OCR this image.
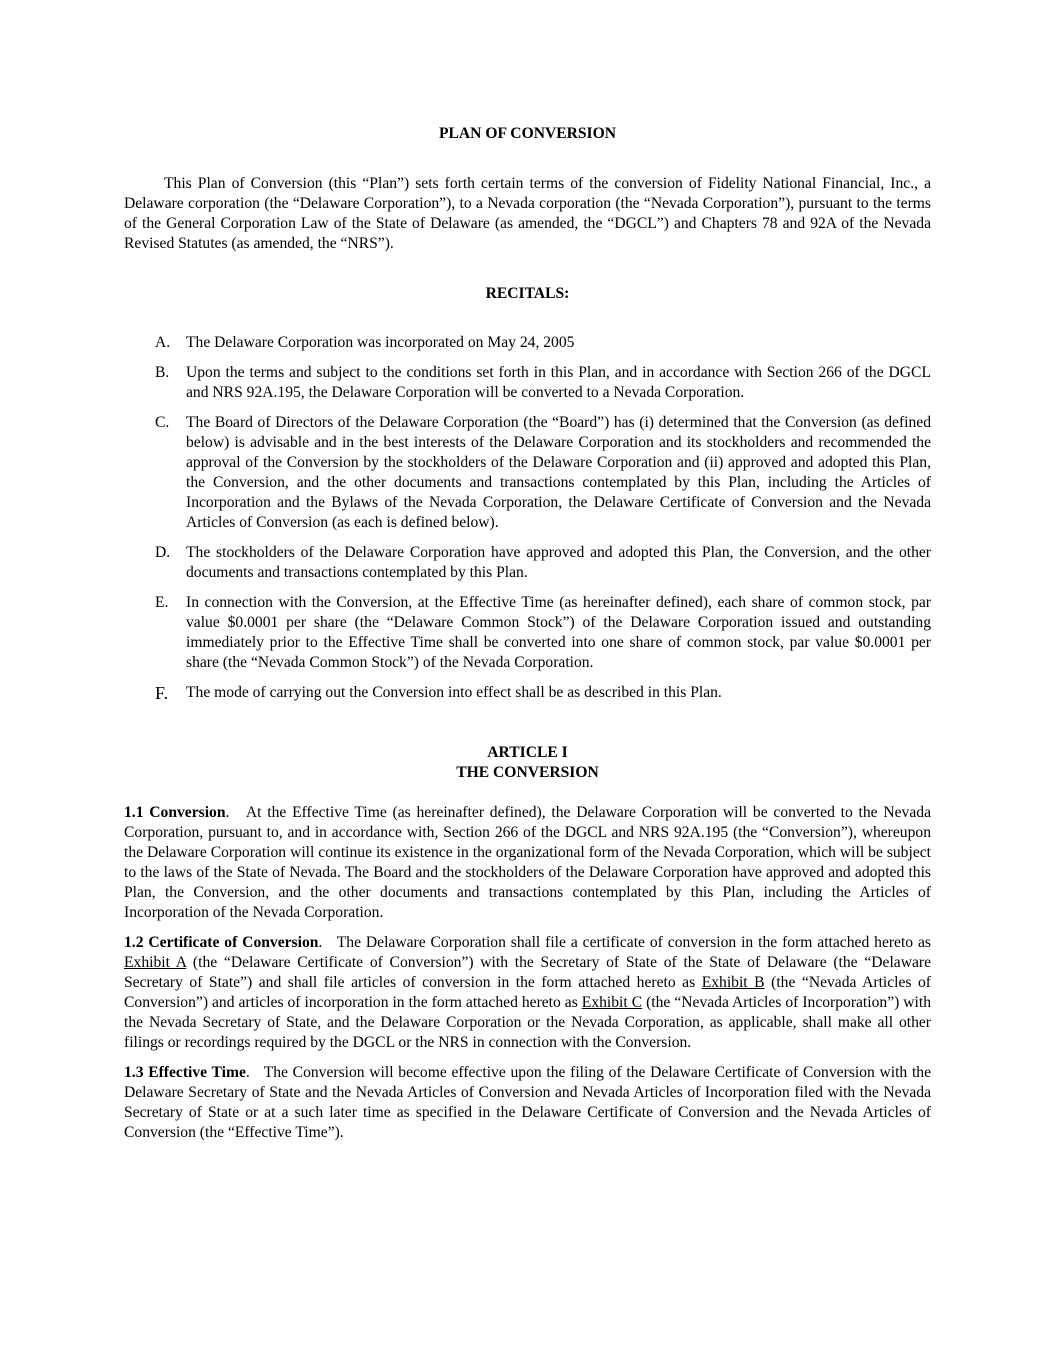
PLAN OF CONVERSION

This Plan of Conversion (this “Plan”) sets forth certain terms of the conversion of Fidelity National Financial, Inc., a Delaware corporation (the “Delaware Corporation”), to a Nevada corporation (the “Nevada Corporation”), pursuant to the terms of the General Corporation Law of the State of Delaware (as amended, the “DGCL”) and Chapters 78 and 92A of the Nevada Revised Statutes (as amended, the “NRS”).

RECITALS:

A.	The Delaware Corporation was incorporated on May 24, 2005
B.	Upon the terms and subject to the conditions set forth in this Plan, and in accordance with Section 266 of the DGCL and NRS 92A.195, the Delaware Corporation will be converted to a Nevada Corporation.
C.	The Board of Directors of the Delaware Corporation (the “Board”) has (i) determined that the Conversion (as defined below) is advisable and in the best interests of the Delaware Corporation and its stockholders and recommended the approval of the Conversion by the stockholders of the Delaware Corporation and (ii) approved and adopted this Plan, the Conversion, and the other documents and transactions contemplated by this Plan, including the Articles of Incorporation and the Bylaws of the Nevada Corporation, the Delaware Certificate of Conversion and the Nevada Articles of Conversion (as each is defined below).
D.	The stockholders of the Delaware Corporation have approved and adopted this Plan, the Conversion, and the other documents and transactions contemplated by this Plan.
E.	In connection with the Conversion, at the Effective Time (as hereinafter defined), each share of common stock, par value $0.0001 per share (the “Delaware Common Stock”) of the Delaware Corporation issued and outstanding immediately prior to the Effective Time shall be converted into one share of common stock, par value $0.0001 per share (the “Nevada Common Stock”) of the Nevada Corporation.
F.	The mode of carrying out the Conversion into effect shall be as described in this Plan.
ARTICLE I
THE CONVERSION

1.1 Conversion.   At the Effective Time (as hereinafter defined), the Delaware Corporation will be converted to the Nevada Corporation, pursuant to, and in accordance with, Section 266 of the DGCL and NRS 92A.195 (the “Conversion”), whereupon the Delaware Corporation will continue its existence in the organizational form of the Nevada Corporation, which will be subject to the laws of the State of Nevada. The Board and the stockholders of the Delaware Corporation have approved and adopted this Plan, the Conversion, and the other documents and transactions contemplated by this Plan, including the Articles of Incorporation of the Nevada Corporation.

1.2 Certificate of Conversion.   The Delaware Corporation shall file a certificate of conversion in the form attached hereto as Exhibit A (the “Delaware Certificate of Conversion”) with the Secretary of State of the State of Delaware (the “Delaware Secretary of State”) and shall file articles of conversion in the form attached hereto as Exhibit B (the “Nevada Articles of Conversion”) and articles of incorporation in the form attached hereto as Exhibit C (the “Nevada Articles of Incorporation”) with the Nevada Secretary of State, and the Delaware Corporation or the Nevada Corporation, as applicable, shall make all other filings or recordings required by the DGCL or the NRS in connection with the Conversion.

1.3 Effective Time.   The Conversion will become effective upon the filing of the Delaware Certificate of Conversion with the Delaware Secretary of State and the Nevada Articles of Conversion and Nevada Articles of Incorporation filed with the Nevada Secretary of State or at a such later time as specified in the Delaware Certificate of Conversion and the Nevada Articles of Conversion (the “Effective Time”).
